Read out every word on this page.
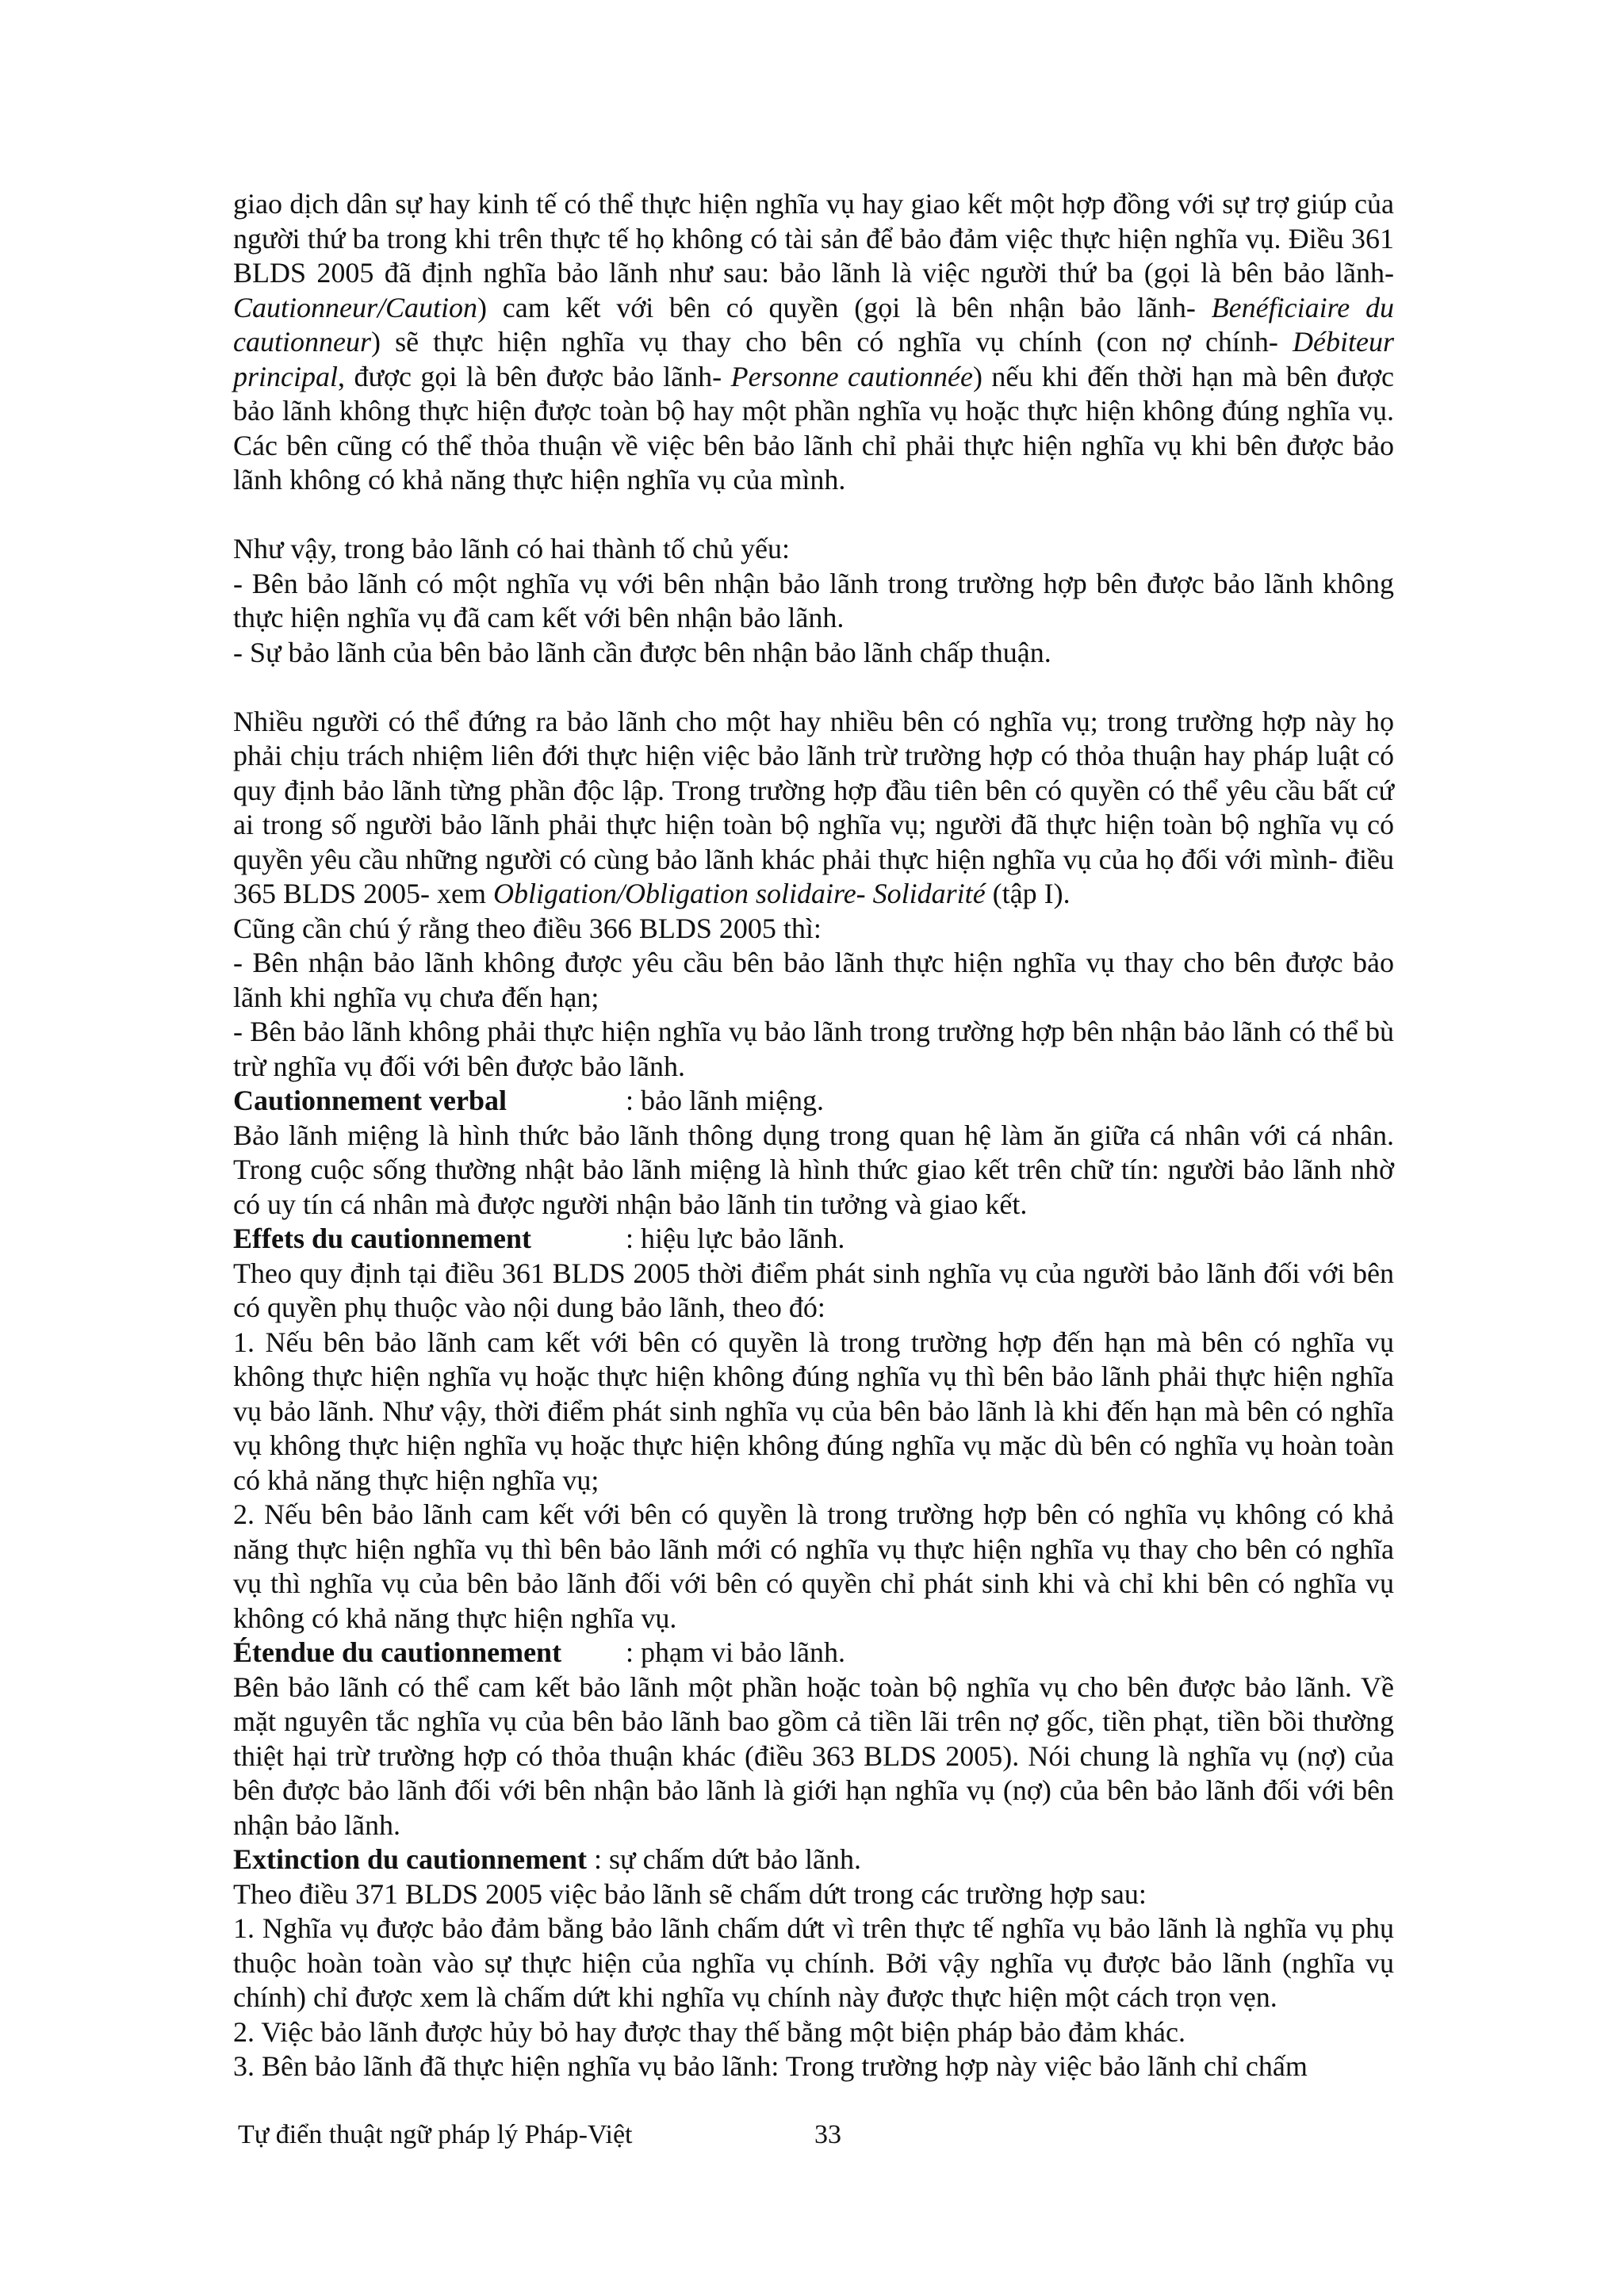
giao dịch dân sự hay kinh tế có thể thực hiện nghĩa vụ hay giao kết một hợp đồng với sự trợ giúp của người thứ ba trong khi trên thực tế họ không có tài sản để bảo đảm việc thực hiện nghĩa vụ. Điều 361 BLDS 2005 đã định nghĩa bảo lãnh như sau: bảo lãnh là việc người thứ ba (gọi là bên bảo lãnh- Cautionneur/Caution) cam kết với bên có quyền (gọi là bên nhận bảo lãnh- Benéficiaire du cautionneur) sẽ thực hiện nghĩa vụ thay cho bên có nghĩa vụ chính (con nợ chính- Débiteur principal, được gọi là bên được bảo lãnh- Personne cautionnée) nếu khi đến thời hạn mà bên được bảo lãnh không thực hiện được toàn bộ hay một phần nghĩa vụ hoặc thực hiện không đúng nghĩa vụ. Các bên cũng có thể thỏa thuận về việc bên bảo lãnh chỉ phải thực hiện nghĩa vụ khi bên được bảo lãnh không có khả năng thực hiện nghĩa vụ của mình.

Như vậy, trong bảo lãnh có hai thành tố chủ yếu:

- Bên bảo lãnh có một nghĩa vụ với bên nhận bảo lãnh trong trường hợp bên được bảo lãnh không thực hiện nghĩa vụ đã cam kết với bên nhận bảo lãnh.

- Sự bảo lãnh của bên bảo lãnh cần được bên nhận bảo lãnh chấp thuận.

Nhiều người có thể đứng ra bảo lãnh cho một hay nhiều bên có nghĩa vụ; trong trường hợp này họ phải chịu trách nhiệm liên đới thực hiện việc bảo lãnh trừ trường hợp có thỏa thuận hay pháp luật có quy định bảo lãnh từng phần độc lập. Trong trường hợp đầu tiên bên có quyền có thể yêu cầu bất cứ ai trong số người bảo lãnh phải thực hiện toàn bộ nghĩa vụ; người đã thực hiện toàn bộ nghĩa vụ có quyền yêu cầu những người có cùng bảo lãnh khác phải thực hiện nghĩa vụ của họ đối với mình- điều 365 BLDS 2005- xem Obligation/Obligation solidaire- Solidarité (tập I).

Cũng cần chú ý rằng theo điều 366 BLDS 2005 thì:

- Bên nhận bảo lãnh không được yêu cầu bên bảo lãnh thực hiện nghĩa vụ thay cho bên được bảo lãnh khi nghĩa vụ chưa đến hạn;

- Bên bảo lãnh không phải thực hiện nghĩa vụ bảo lãnh trong trường hợp bên nhận bảo lãnh có thể bù trừ nghĩa vụ đối với bên được bảo lãnh.

Cautionnement verbal	: bảo lãnh miệng.

Bảo lãnh miệng là hình thức bảo lãnh thông dụng trong quan hệ làm ăn giữa cá nhân với cá nhân. Trong cuộc sống thường nhật bảo lãnh miệng là hình thức giao kết trên chữ tín: người bảo lãnh nhờ có uy tín cá nhân mà được người nhận bảo lãnh tin tưởng và giao kết.

Effets du cautionnement	: hiệu lực bảo lãnh.

Theo quy định tại điều 361 BLDS 2005 thời điểm phát sinh nghĩa vụ của người bảo lãnh đối với bên có quyền phụ thuộc vào nội dung bảo lãnh, theo đó:

1. Nếu bên bảo lãnh cam kết với bên có quyền là trong trường hợp đến hạn mà bên có nghĩa vụ không thực hiện nghĩa vụ hoặc thực hiện không đúng nghĩa vụ thì bên bảo lãnh phải thực hiện nghĩa vụ bảo lãnh. Như vậy, thời điểm phát sinh nghĩa vụ của bên bảo lãnh là khi đến hạn mà bên có nghĩa vụ không thực hiện nghĩa vụ hoặc thực hiện không đúng nghĩa vụ mặc dù bên có nghĩa vụ hoàn toàn có khả năng thực hiện nghĩa vụ;

2. Nếu bên bảo lãnh cam kết với bên có quyền là trong trường hợp bên có nghĩa vụ không có khả năng thực hiện nghĩa vụ thì bên bảo lãnh mới có nghĩa vụ thực hiện nghĩa vụ thay cho bên có nghĩa vụ thì nghĩa vụ của bên bảo lãnh đối với bên có quyền chỉ phát sinh khi và chỉ khi bên có nghĩa vụ không có khả năng thực hiện nghĩa vụ.

Étendue du cautionnement : phạm vi bảo lãnh.

Bên bảo lãnh có thể cam kết bảo lãnh một phần hoặc toàn bộ nghĩa vụ cho bên được bảo lãnh. Về mặt nguyên tắc nghĩa vụ của bên bảo lãnh bao gồm cả tiền lãi trên nợ gốc, tiền phạt, tiền bồi thường thiệt hại trừ trường hợp có thỏa thuận khác (điều 363 BLDS 2005). Nói chung là nghĩa vụ (nợ) của bên được bảo lãnh đối với bên nhận bảo lãnh là giới hạn nghĩa vụ (nợ) của bên bảo lãnh đối với bên nhận bảo lãnh.

Extinction du cautionnement : sự chấm dứt bảo lãnh.

Theo điều 371 BLDS 2005 việc bảo lãnh sẽ chấm dứt trong các trường hợp sau:

1. Nghĩa vụ được bảo đảm bằng bảo lãnh chấm dứt vì trên thực tế nghĩa vụ bảo lãnh là nghĩa vụ phụ thuộc hoàn toàn vào sự thực hiện của nghĩa vụ chính. Bởi vậy nghĩa vụ được bảo lãnh (nghĩa vụ chính) chỉ được xem là chấm dứt khi nghĩa vụ chính này được thực hiện một cách trọn vẹn.

2. Việc bảo lãnh được hủy bỏ hay được thay thế bằng một biện pháp bảo đảm khác.

3. Bên bảo lãnh đã thực hiện nghĩa vụ bảo lãnh: Trong trường hợp này việc bảo lãnh chỉ chấm

Tự điển thuật ngữ pháp lý Pháp-Việt	33
